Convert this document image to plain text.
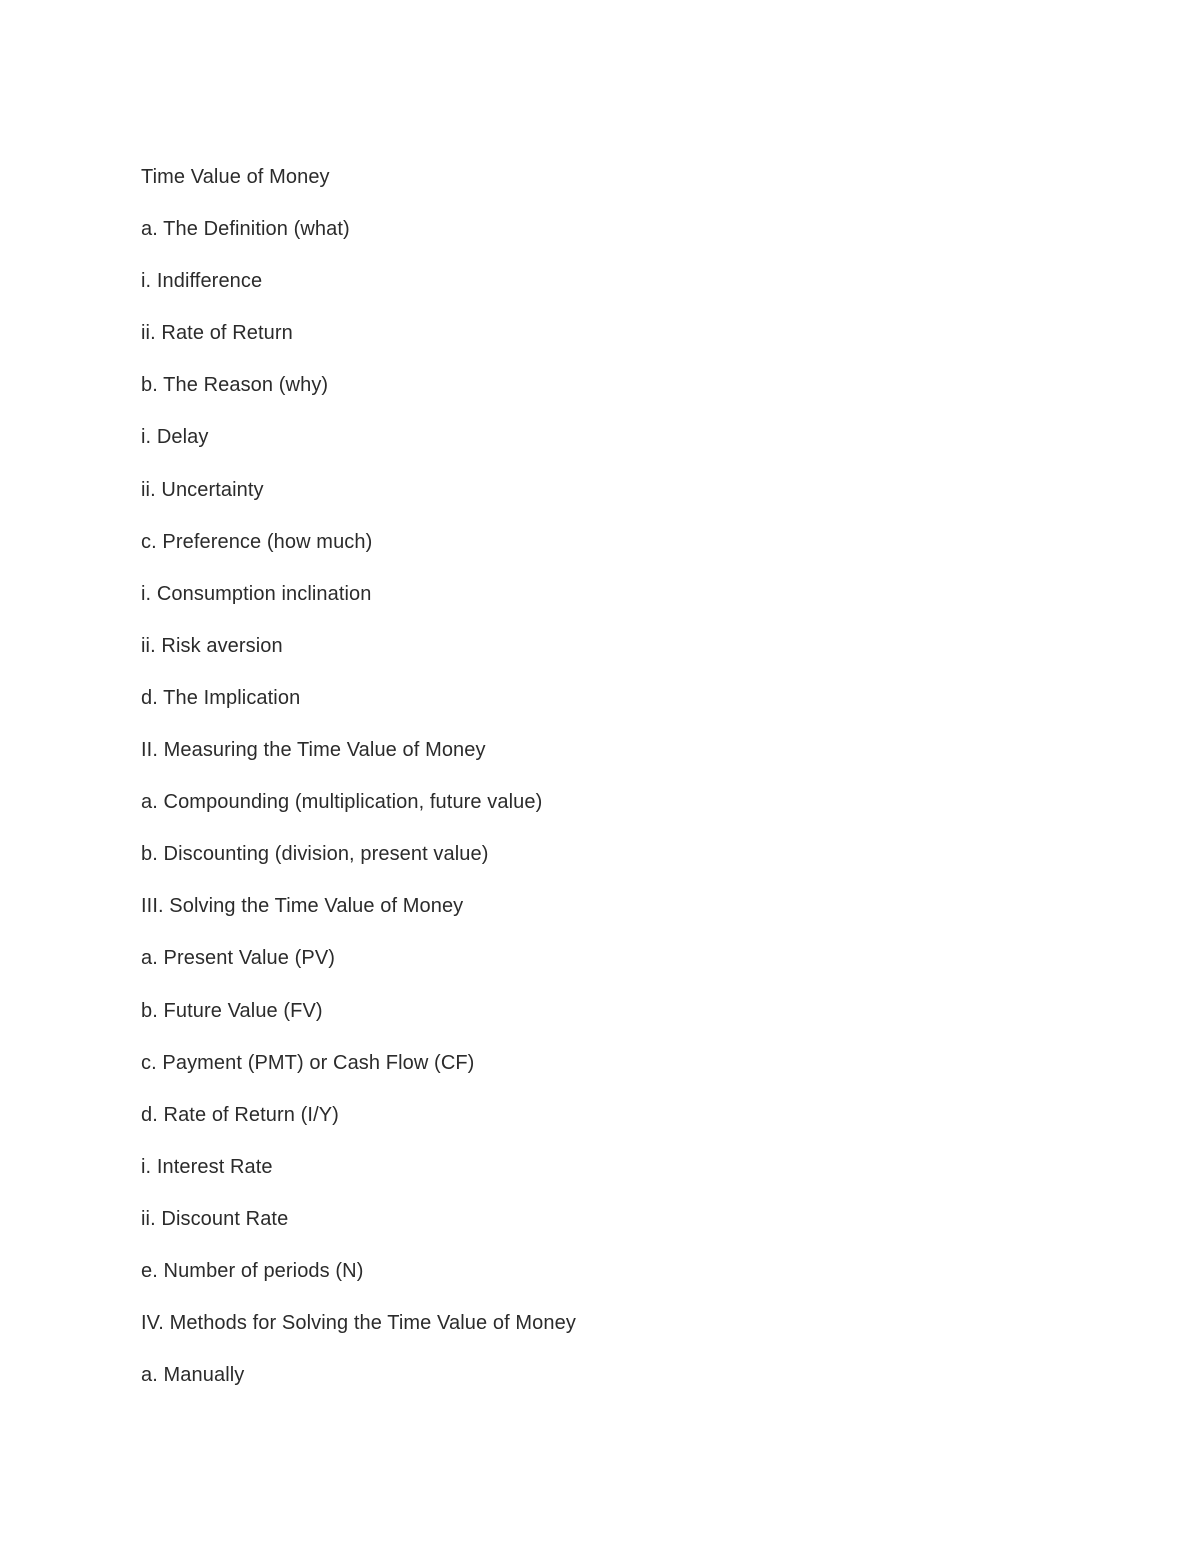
Time Value of Money
a. The Definition (what)
i. Indifference
ii. Rate of Return
b. The Reason (why)
i. Delay
ii. Uncertainty
c. Preference (how much)
i. Consumption inclination
ii. Risk aversion
d. The Implication
II. Measuring the Time Value of Money
a. Compounding (multiplication, future value)
b. Discounting (division, present value)
III. Solving the Time Value of Money
a. Present Value (PV)
b. Future Value (FV)
c. Payment (PMT) or Cash Flow (CF)
d. Rate of Return (I/Y)
i. Interest Rate
ii. Discount Rate
e. Number of periods (N)
IV. Methods for Solving the Time Value of Money
a. Manually
